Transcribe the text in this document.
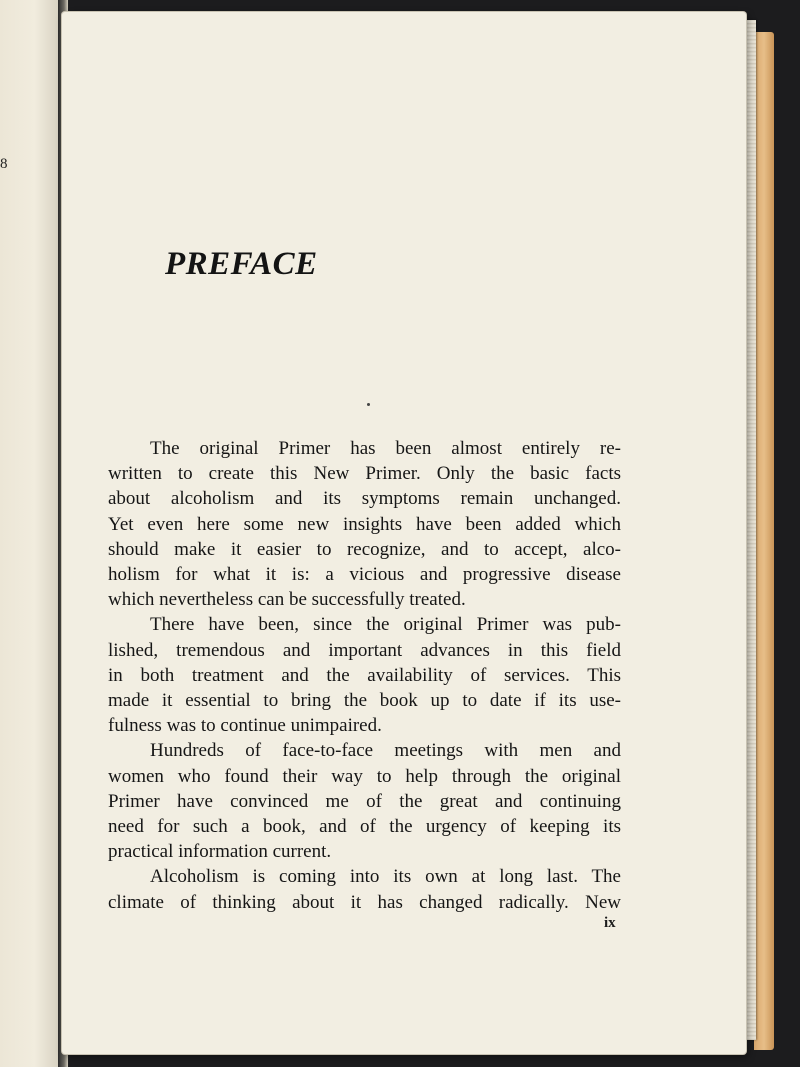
8
PREFACE

The original Primer has been almost entirely re-
written to create this New Primer. Only the basic facts
about alcoholism and its symptoms remain unchanged.
Yet even here some new insights have been added which
should make it easier to recognize, and to accept, alco-
holism for what it is: a vicious and progressive disease
which nevertheless can be successfully treated.

There have been, since the original Primer was pub-
lished, tremendous and important advances in this field
in both treatment and the availability of services. This
made it essential to bring the book up to date if its use-
fulness was to continue unimpaired.

Hundreds of face-to-face meetings with men and
women who found their way to help through the original
Primer have convinced me of the great and continuing
need for such a book, and of the urgency of keeping its
practical information current.

Alcoholism is coming into its own at long last. The
climate of thinking about it has changed radically. New

ix
